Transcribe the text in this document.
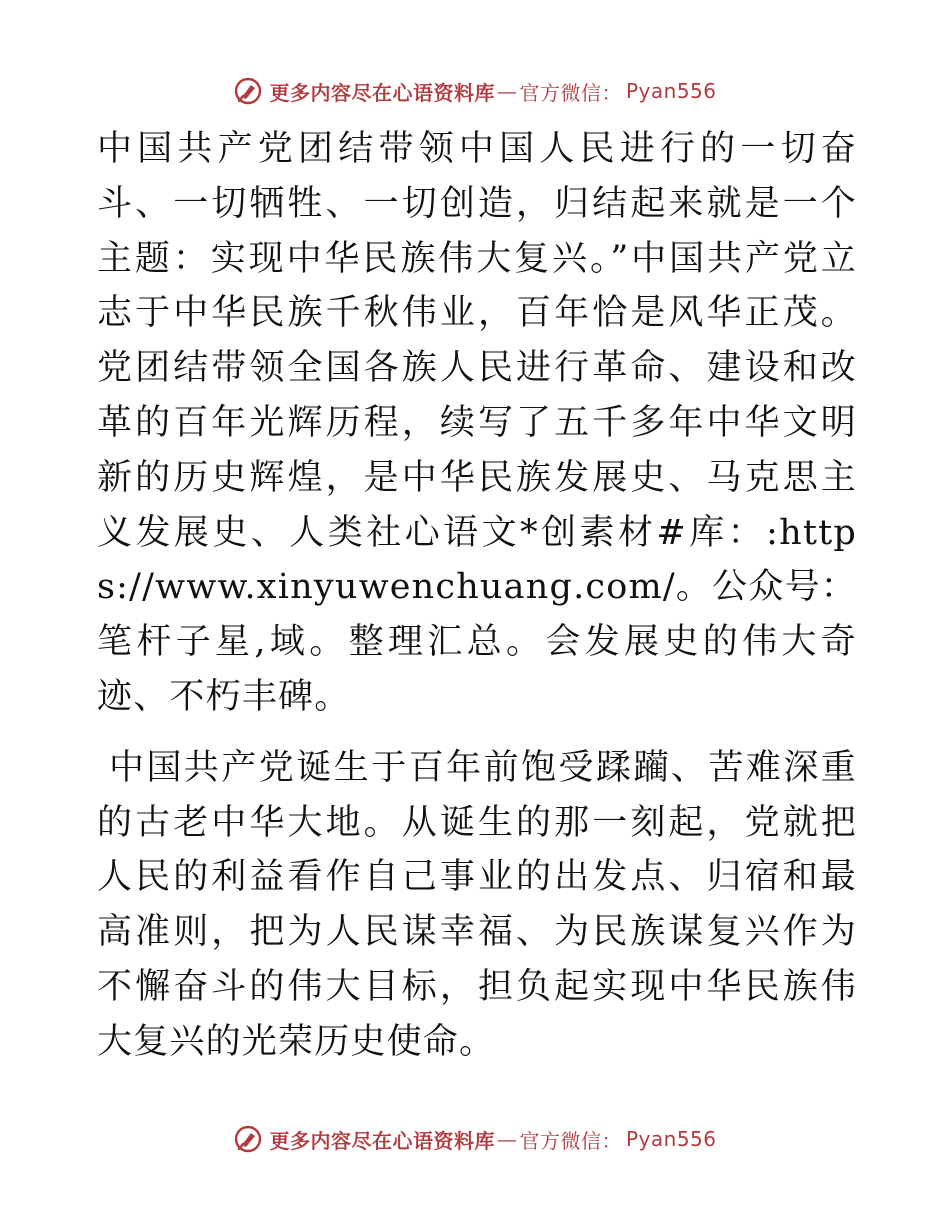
更多内容尽在心语资料库 — 官方微信： Pyan556

中国共产党团结带领中国人民进行的一切奋斗、一切牺牲、一切创造，归结起来就是一个主题：实现中华民族伟大复兴。”中国共产党立志于中华民族千秋伟业，百年恰是风华正茂。党团结带领全国各族人民进行革命、建设和改革的百年光辉历程，续写了五千多年中华文明新的历史辉煌，是中华民族发展史、马克思主义发展史、人类社心语文*创素材#库：:https://www.xinyuwenchuang.com/。公众号：笔杆子星,域。整理汇总。会发展史的伟大奇迹、不朽丰碑。

中国共产党诞生于百年前饱受蹂躏、苦难深重的古老中华大地。从诞生的那一刻起，党就把人民的利益看作自己事业的出发点、归宿和最高准则，把为人民谋幸福、为民族谋复兴作为不懈奋斗的伟大目标，担负起实现中华民族伟大复兴的光荣历史使命。

更多内容尽在心语资料库 — 官方微信： Pyan556
